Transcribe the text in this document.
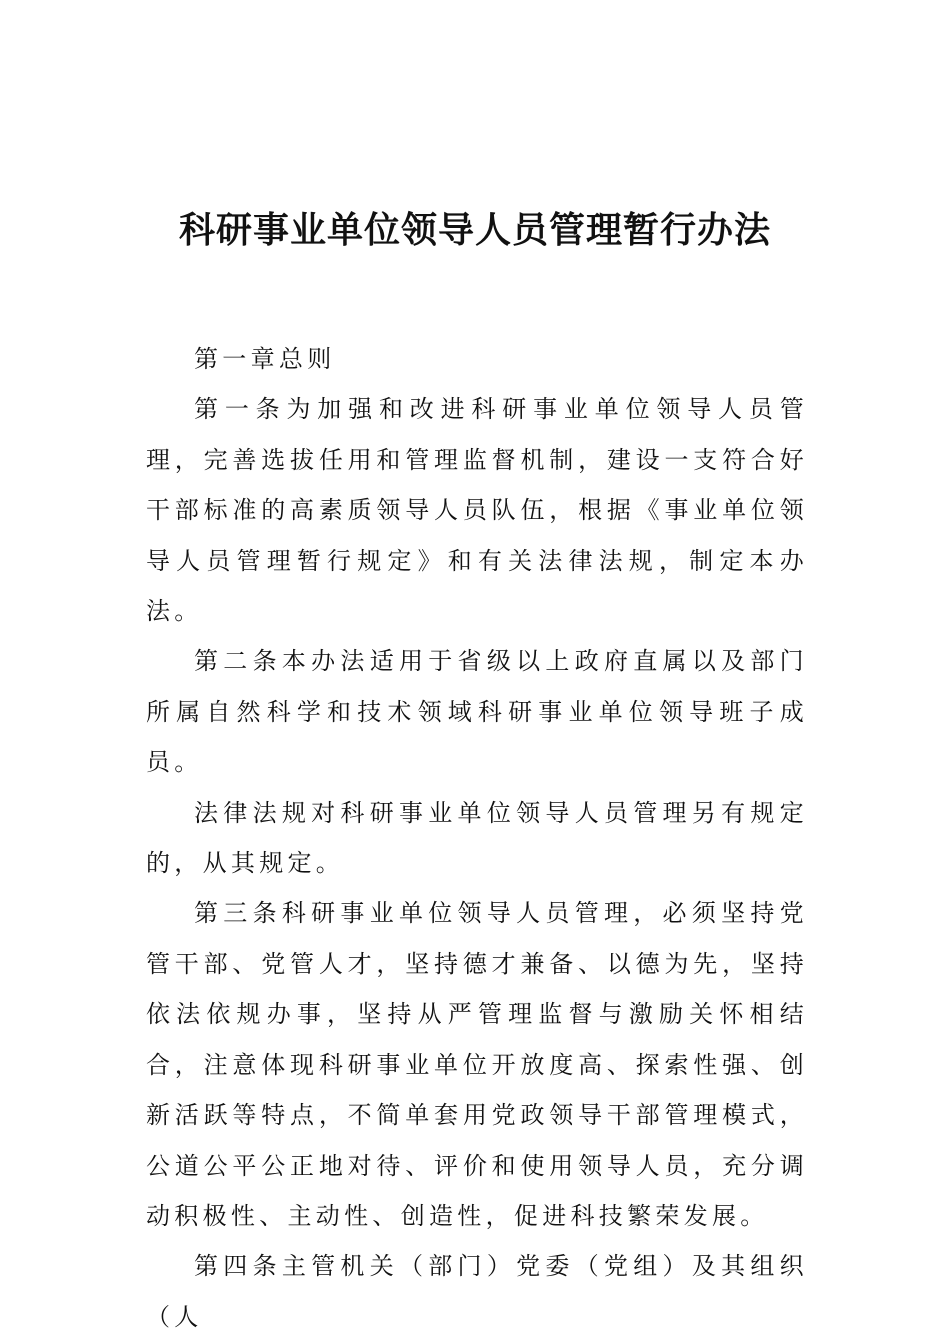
科研事业单位领导人员管理暂行办法

第一章总则

第一条为加强和改进科研事业单位领导人员管理，完善选拔任用和管理监督机制，建设一支符合好干部标准的高素质领导人员队伍，根据《事业单位领导人员管理暂行规定》和有关法律法规，制定本办法。

第二条本办法适用于省级以上政府直属以及部门所属自然科学和技术领域科研事业单位领导班子成员。

法律法规对科研事业单位领导人员管理另有规定的，从其规定。

第三条科研事业单位领导人员管理，必须坚持党管干部、党管人才，坚持德才兼备、以德为先，坚持依法依规办事，坚持从严管理监督与激励关怀相结合，注意体现科研事业单位开放度高、探索性强、创新活跃等特点，不简单套用党政领导干部管理模式，公道公平公正地对待、评价和使用领导人员，充分调动积极性、主动性、创造性，促进科技繁荣发展。

第四条主管机关（部门）党委（党组）及其组织（人
